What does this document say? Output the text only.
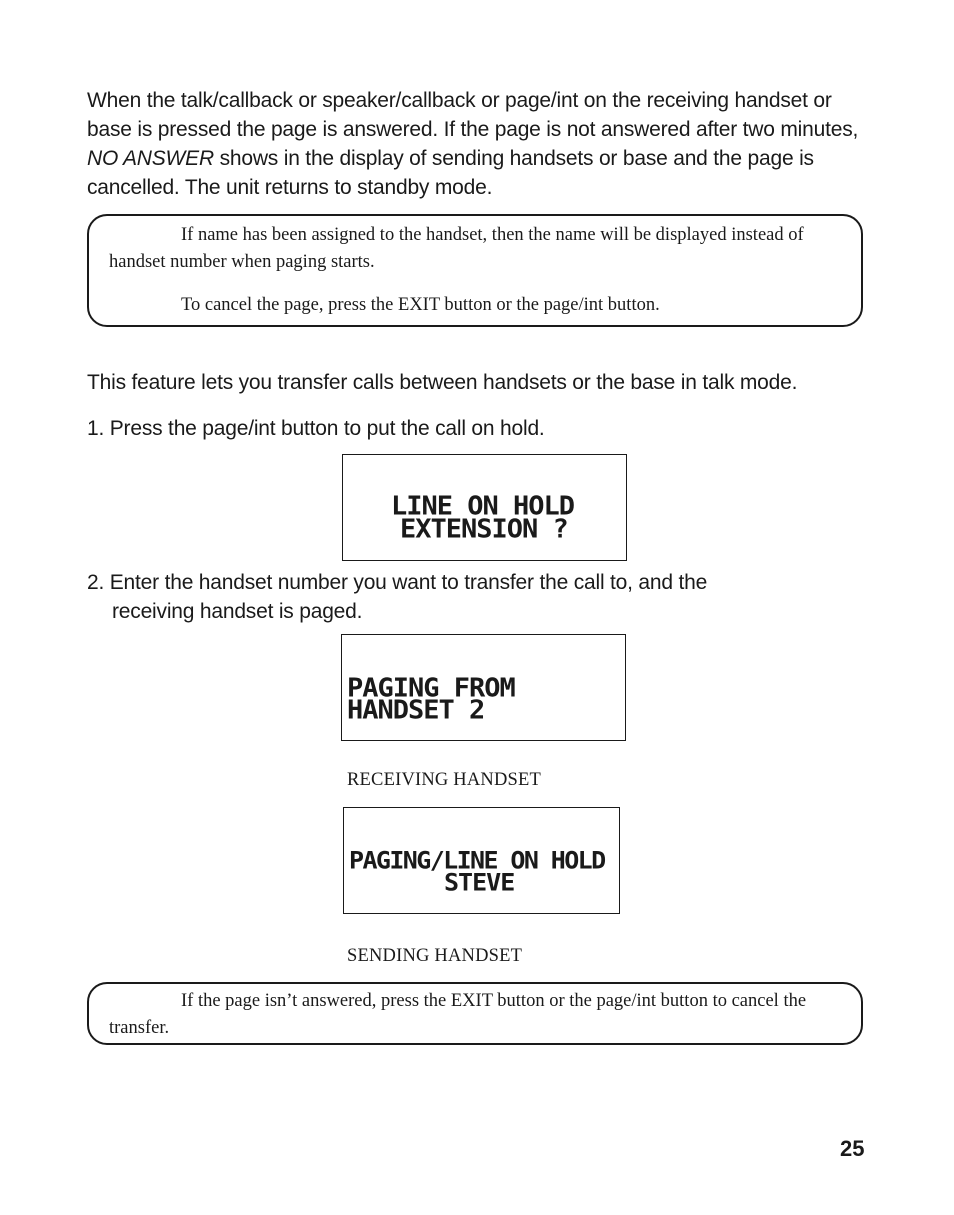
When the talk/callback or speaker/callback or page/int on the receiving handset or base is pressed the page is answered. If the page is not answered after two minutes, NO ANSWER shows in the display of sending handsets or base and the page is cancelled. The unit returns to standby mode.

If name has been assigned to the handset, then the name will be displayed instead of handset number when paging starts.

To cancel the page, press the EXIT button or the page/int button.

This feature lets you transfer calls between handsets or the base in talk mode.
1. Press the page/int button to put the call on hold.
LINE ON HOLD
EXTENSION ?
2. Enter the handset number you want to transfer the call to, and the
receiving handset is paged.
PAGING FROM
HANDSET 2
RECEIVING HANDSET
PAGING/LINE ON HOLD
STEVE
SENDING HANDSET

If the page isn’t answered, press the EXIT button or the page/int button to cancel the transfer.

25
